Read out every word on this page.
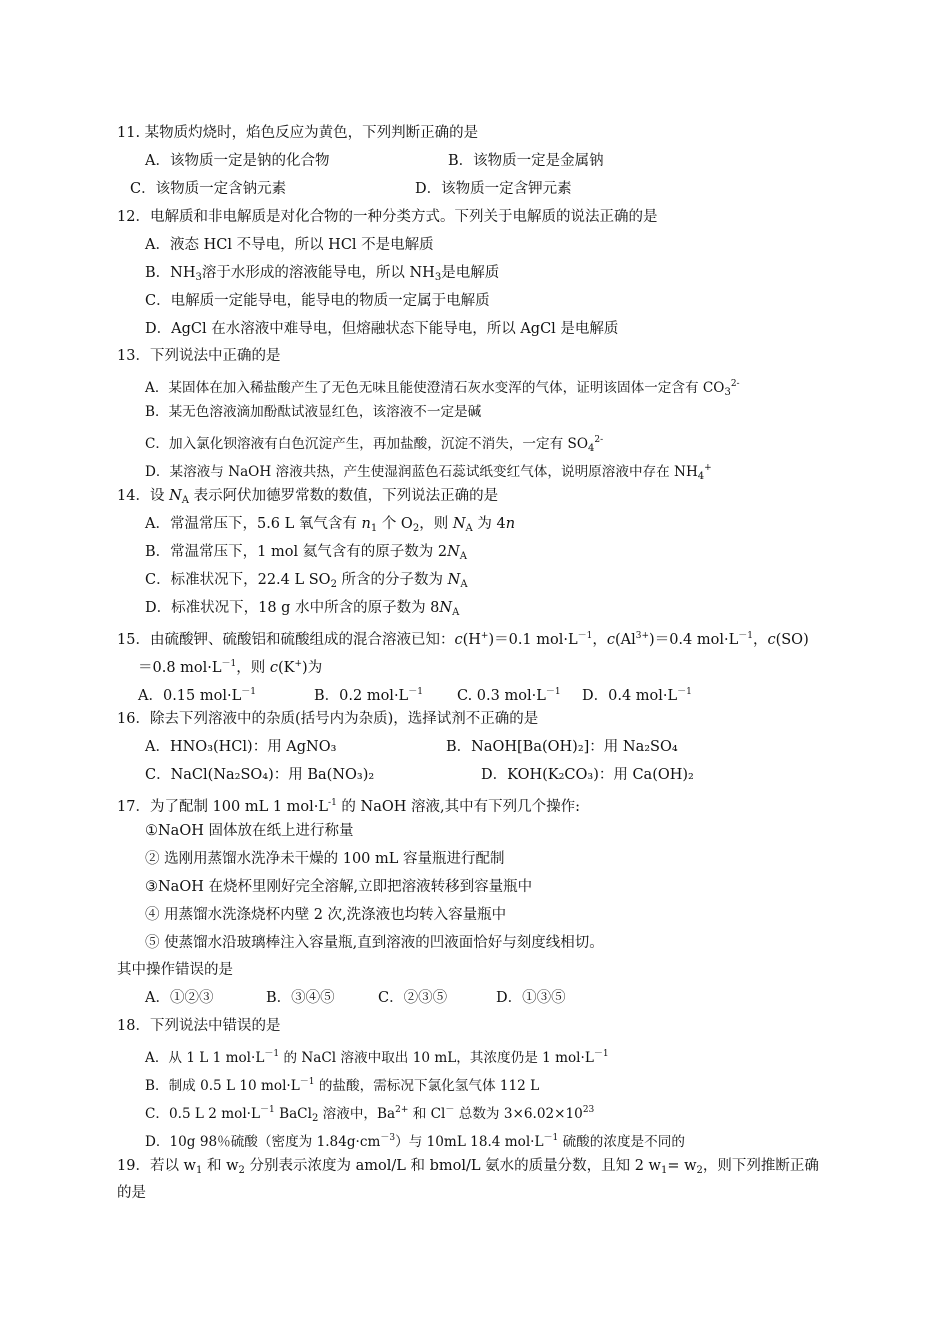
11. 某物质灼烧时，焰色反应为黄色，下列判断正确的是
A．该物质一定是钠的化合物	B．该物质一定是金属钠
C．该物质一定含钠元素	D．该物质一定含钾元素
12．电解质和非电解质是对化合物的一种分类方式。下列关于电解质的说法正确的是
A．液态 HCl 不导电，所以 HCl 不是电解质
B．$NH_3$溶于水形成的溶液能导电，所以 $NH_3$是电解质
C．电解质一定能导电，能导电的物质一定属于电解质
D．AgCl 在水溶液中难导电，但熔融状态下能导电，所以 AgCl 是电解质
13．下列说法中正确的是
A．某固体在加入稀盐酸产生了无色无味且能使澄清石灰水变浑的气体，证明该固体一定含有 $CO_3^{2-}$
B．某无色溶液滴加酚酞试液显红色，该溶液不一定是碱
C．加入氯化钡溶液有白色沉淀产生，再加盐酸，沉淀不消失，一定有 $SO_4^{2-}$
D．某溶液与 NaOH 溶液共热，产生使湿润蓝色石蕊试纸变红气体，说明原溶液中存在 $NH_4^+$
14．设 $N_A$ 表示阿伏加德罗常数的数值，下列说法正确的是
A．常温常压下，5.6 L 氧气含有 $n_1$ 个 $O_2$，则 $N_A$ 为 4n
B．常温常压下，1 mol 氦气含有的原子数为 $2N_A$
C．标准状况下，22.4 L $SO_2$ 所含的分子数为 $N_A$
D．标准状况下，18 g 水中所含的原子数为 $8N_A$
15．由硫酸钾、硫酸铝和硫酸组成的混合溶液已知：c(H+)＝0.1 $mol\cdot L^{-1}$，$c(Al^{3+})=0.4$ $mol\cdot L^{-1}$，c(SO)
＝0.8 $mol\cdot L^{-1}$，则 c(K+)为
A．0.15 $mol\cdot L^{-1}$	B．0.2 $mol\cdot L^{-1}$ C. 0.3 $mol\cdot L^{-1}$ D．0.4 $mol\cdot L^{-1}$
16．除去下列溶液中的杂质(括号内为杂质)，选择试剂不正确的是
A．HNO₃(HCl)：用 AgNO₃	B．NaOH[Ba(OH)₂]：用 Na₂SO₄
C．NaCl(Na₂SO₄)：用 Ba(NO₃)₂	D．KOH(K₂CO₃)：用 Ca(OH)₂
17．为了配制 100 mL 1 $mol\cdot L^{-1}$ 的 NaOH 溶液,其中有下列几个操作:
①NaOH 固体放在纸上进行称量
② 选刚用蒸馏水洗净未干燥的 100 mL 容量瓶进行配制
③NaOH 在烧杯里刚好完全溶解,立即把溶液转移到容量瓶中
④ 用蒸馏水洗涤烧杯内壁 2 次,洗涤液也均转入容量瓶中
⑤ 使蒸馏水沿玻璃棒注入容量瓶,直到溶液的凹液面恰好与刻度线相切。
其中操作错误的是
A．①②③	B．③④⑤	C．②③⑤	D．①③⑤
18．下列说法中错误的是
A．从 1 L 1 $mol\cdot L^{-1}$ 的 NaCl 溶液中取出 10 mL，其浓度仍是 1 $mol\cdot L^{-1}$
B．制成 0.5 L 10 $mol\cdot L^{-1}$ 的盐酸，需标况下氯化氢气体 112 L
C．0.5 L 2 $mol\cdot L^{-1}$ BaCl$_2$ 溶液中，$Ba^{2+}$ 和 Cl－ 总数为 $3\times 6.02\times 10^{23}$
D．10g 98％硫酸（密度为 $1.84g\cdot cm^{-3}$）与 10mL 18.4 $mol\cdot L^{-1}$ 硫酸的浓度是不同的
19．若以 $w_1$ 和 $w_2$ 分别表示浓度为 amol/L 和 bmol/L 氨水的质量分数，且知 2 $w_1= w_2$，则下列推断正确
的是
